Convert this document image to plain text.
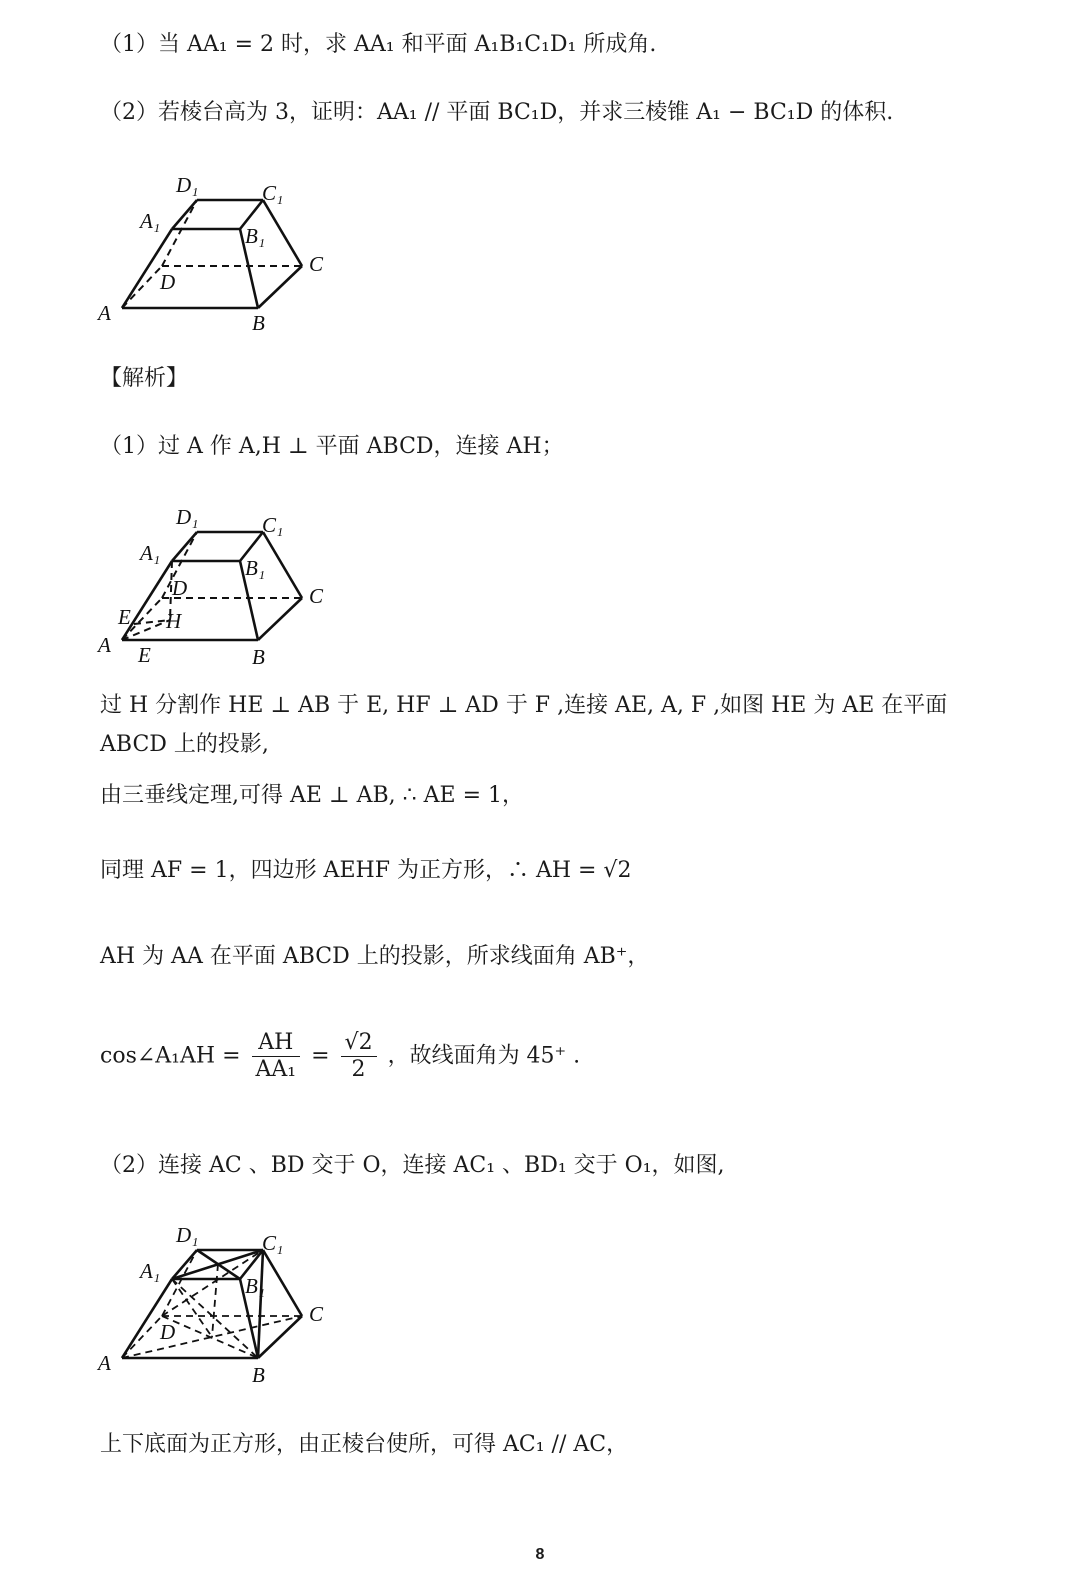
（1）当 AA₁ = 2 时，求 AA₁ 和平面 A₁B₁C₁D₁ 所成角.
（2）若棱台高为 3，证明：AA₁ // 平面 BC₁D，并求三棱锥 A₁ − BC₁D 的体积.
D₁	C₁
A₁
B₁
C
D
A	B
【解析】
（1）过 A 作 A,H ⊥ 平面 ABCD，连接 AH；
D₁	C₁
A₁
B₁
C
D
H
E
A E	B
过 H 分割作 HE ⊥ AB 于 E, HF ⊥ AD 于 F ,连接 AE, A, F ,如图 HE 为 AE 在平面
ABCD 上的投影,
由三垂线定理,可得 AE ⊥ AB, ∴ AE = 1，
同理 AF = 1，四边形 AEHF 为正方形，∴ AH = √2
AH 为 AA 在平面 ABCD 上的投影，所求线面角 AB⁺，
cos∠A₁AH = $\frac{AH}{\text{AA₁}} = \frac{√2}{2}$ ，故线面角为 45⁺ .
（2）连接 AC 、BD 交于 O，连接 AC₁ 、BD₁ 交于 O₁，如图,
D₁	C₁
A₁
B₁
C
D
A	B
上下底面为正方形，由正棱台使所，可得 AC₁ // AC，
8
